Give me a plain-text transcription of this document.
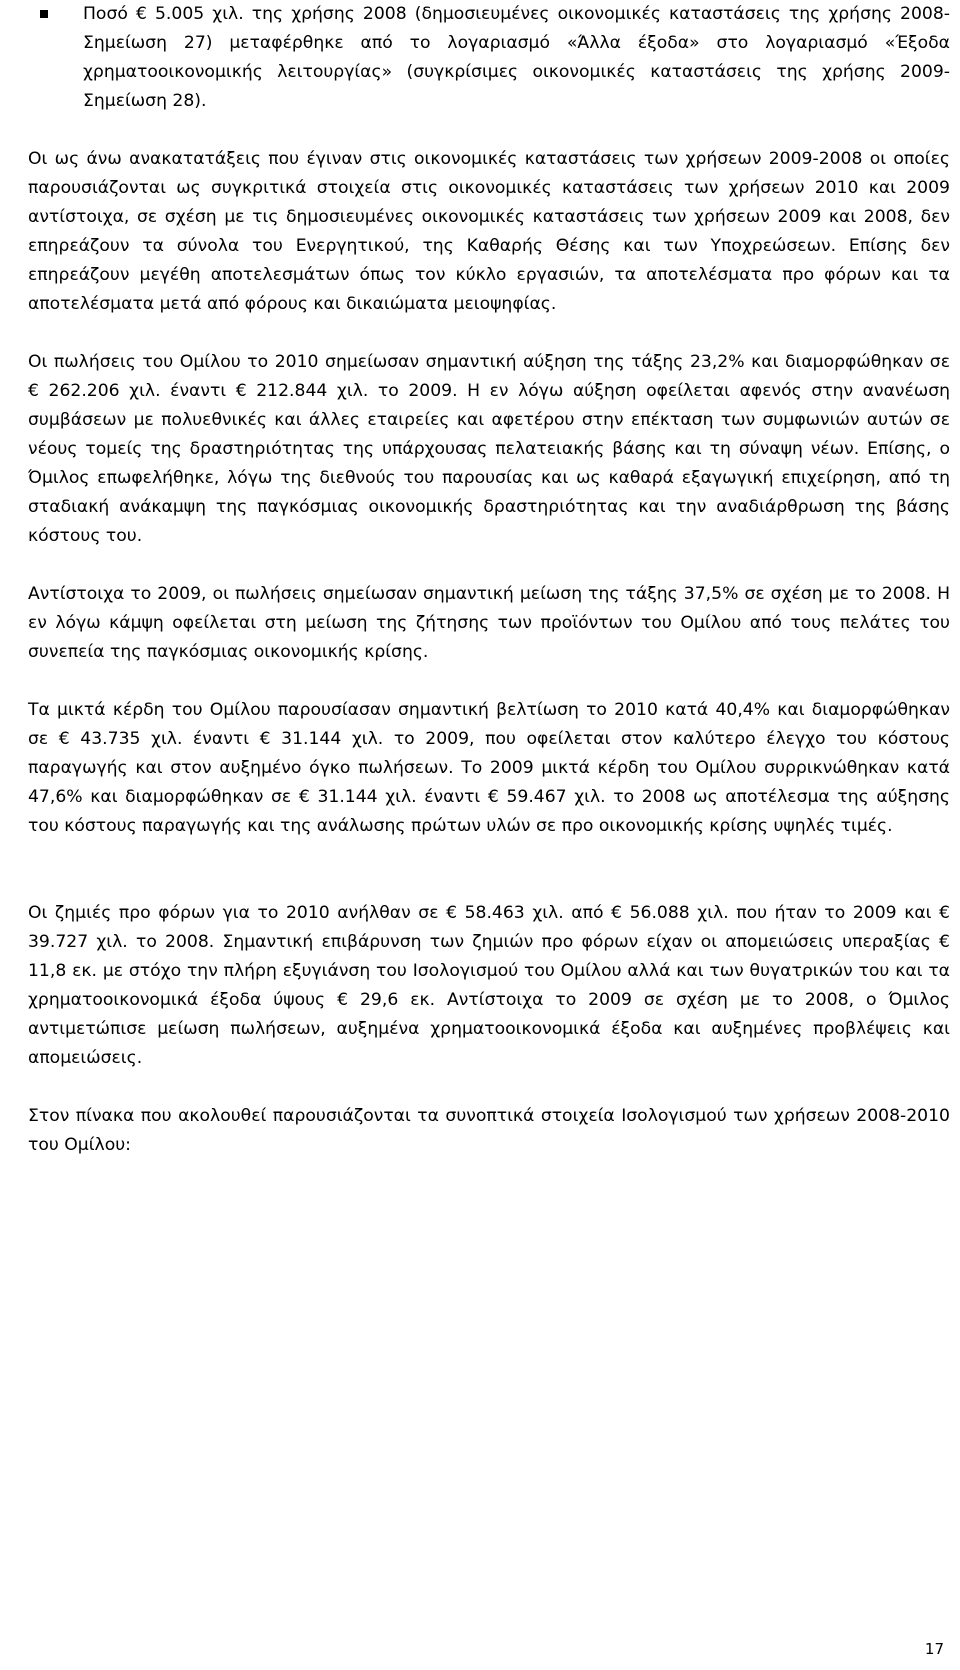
Ποσό € 5.005 χιλ. της χρήσης 2008 (δημοσιευμένες οικονομικές καταστάσεις της χρήσης 2008- Σημείωση 27) μεταφέρθηκε από το λογαριασμό «Άλλα έξοδα» στο λογαριασμό «Έξοδα χρηματοοικονομικής λειτουργίας» (συγκρίσιμες οικονομικές καταστάσεις της χρήσης 2009- Σημείωση 28).

Οι ως άνω ανακατατάξεις που έγιναν στις οικονομικές καταστάσεις των χρήσεων 2009-2008 οι οποίες παρουσιάζονται ως συγκριτικά στοιχεία στις οικονομικές καταστάσεις των χρήσεων 2010 και 2009 αντίστοιχα, σε σχέση με τις δημοσιευμένες οικονομικές καταστάσεις των χρήσεων 2009 και 2008, δεν επηρεάζουν τα σύνολα του Ενεργητικού, της Καθαρής Θέσης και των Υποχρεώσεων. Επίσης δεν επηρεάζουν μεγέθη αποτελεσμάτων όπως τον κύκλο εργασιών, τα αποτελέσματα προ φόρων και τα αποτελέσματα μετά από φόρους και δικαιώματα μειοψηφίας.

Οι πωλήσεις του Ομίλου το 2010 σημείωσαν σημαντική αύξηση της τάξης 23,2% και διαμορφώθηκαν σε € 262.206 χιλ. έναντι € 212.844 χιλ. το 2009. Η εν λόγω αύξηση οφείλεται αφενός στην ανανέωση συμβάσεων με πολυεθνικές και άλλες εταιρείες και αφετέρου στην επέκταση των συμφωνιών αυτών σε νέους τομείς της δραστηριότητας της υπάρχουσας πελατειακής βάσης και τη σύναψη νέων. Επίσης, ο Όμιλος επωφελήθηκε, λόγω της διεθνούς του παρουσίας και ως καθαρά εξαγωγική επιχείρηση, από τη σταδιακή ανάκαμψη της παγκόσμιας οικονομικής δραστηριότητας και την αναδιάρθρωση της βάσης κόστους του.

Αντίστοιχα το 2009, οι πωλήσεις σημείωσαν σημαντική μείωση της τάξης 37,5% σε σχέση με το 2008. Η εν λόγω κάμψη οφείλεται στη μείωση της ζήτησης των προϊόντων του Ομίλου από τους πελάτες του συνεπεία της παγκόσμιας οικονομικής κρίσης.

Τα μικτά κέρδη του Ομίλου παρουσίασαν σημαντική βελτίωση το 2010 κατά 40,4% και διαμορφώθηκαν σε € 43.735 χιλ. έναντι € 31.144 χιλ. το 2009, που οφείλεται στον καλύτερο έλεγχο του κόστους παραγωγής και στον αυξημένο όγκο πωλήσεων. Το 2009 μικτά κέρδη του Ομίλου συρρικνώθηκαν κατά 47,6% και διαμορφώθηκαν σε € 31.144 χιλ. έναντι € 59.467 χιλ. το 2008 ως αποτέλεσμα της αύξησης του κόστους παραγωγής και της ανάλωσης πρώτων υλών σε προ οικονομικής κρίσης υψηλές τιμές.

Οι ζημιές προ φόρων για το 2010 ανήλθαν σε € 58.463 χιλ. από € 56.088 χιλ. που ήταν το 2009 και € 39.727 χιλ. το 2008. Σημαντική επιβάρυνση των ζημιών προ φόρων είχαν οι απομειώσεις υπεραξίας € 11,8 εκ. με στόχο την πλήρη εξυγιάνση του Ισολογισμού του Ομίλου αλλά και των θυγατρικών του και τα χρηματοοικονομικά έξοδα ύψους € 29,6 εκ. Αντίστοιχα το 2009 σε σχέση με το 2008, ο Όμιλος αντιμετώπισε μείωση πωλήσεων, αυξημένα χρηματοοικονομικά έξοδα και αυξημένες προβλέψεις και απομειώσεις.

Στον πίνακα που ακολουθεί παρουσιάζονται τα συνοπτικά στοιχεία Ισολογισμού των χρήσεων 2008-2010 του Ομίλου:

17
